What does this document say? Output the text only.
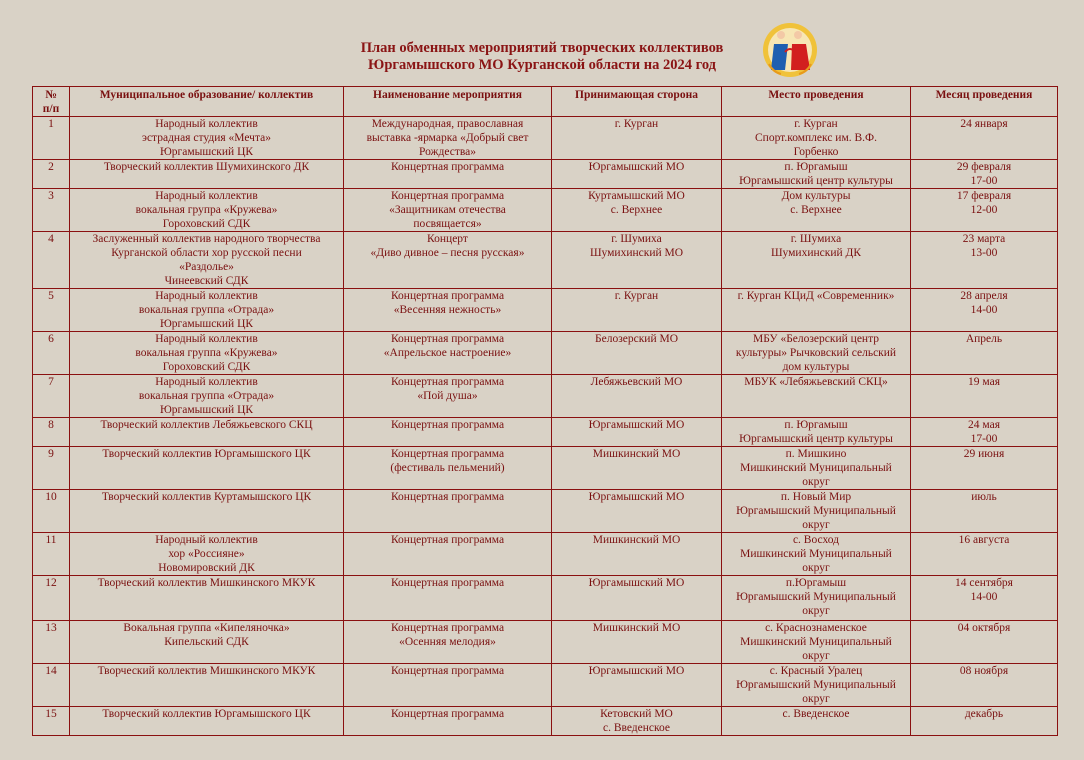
План обменных мероприятий творческих коллективов
Юргамышского МО Курганской области на 2024 год
№
п/п	Муниципальное образование/ коллектив	Наименование мероприятия	Принимающая сторона	Место проведения	Месяц проведения
1	Народный коллектив
эстрадная студия «Мечта»
Юргамышский ЦК	Международная, православная
выставка -ярмарка «Добрый свет
Рождества»	г. Курган	г. Курган
Спорт.комплекс им. В.Ф.
Горбенко	24 января
2	Творческий коллектив Шумихинского ДК	Концертная программа	Юргамышский МО	п. Юргамыш
Юргамышский центр культуры	29 февраля
17-00
3	Народный коллектив
вокальная групра «Кружева»
Гороховский СДК	Концертная программа
«Защитникам отечества
посвящается»	Куртамышский МО
с. Верхнее	Дом культуры
с. Верхнее	17 февраля
12-00
4	Заслуженный коллектив народного творчества
Курганской области хор русской песни
«Раздолье»
Чинеевский СДК	Концерт
«Диво дивное – песня русская»	г. Шумиха
Шумихинский МО	г. Шумиха
Шумихинский ДК	23 марта
13-00
5	Народный коллектив
вокальная группа «Отрада»
Юргамышский ЦК	Концертная программа
«Весенняя нежность»	г. Курган	г. Курган КЦиД «Современник»	28 апреля
14-00
6	Народный коллектив
вокальная группа «Кружева»
Гороховский СДК	Концертная программа
«Апрельское настроение»	Белозерский МО	МБУ «Белозерский центр
культуры» Рычковский сельский
дом культуры	Апрель
7	Народный коллектив
вокальная группа «Отрада»
Юргамышский ЦК	Концертная программа
«Пой душа»	Лебяжьевский МО	МБУК «Лебяжьевский СКЦ»	19 мая
8	Творческий коллектив Лебяжьевского СКЦ	Концертная программа	Юргамышский МО	п. Юргамыш
Юргамышский центр культуры	24 мая
17-00
9	Творческий коллектив Юргамышского ЦК	Концертная программа
(фестиваль пельмений)	Мишкинский МО	п. Мишкино
Мишкинский Муниципальный
округ	29 июня
10	Творческий коллектив Куртамышского ЦК	Концертная программа	Юргамышский МО	п. Новый Мир
Юргамышский Муниципальный
округ	июль
11	Народный коллектив
хор «Россияне»
Новомировский ДК	Концертная программа	Мишкинский МО	с. Восход
Мишкинский Муниципальный
округ	16 августа
12	Творческий коллектив Мишкинского МКУК	Концертная программа	Юргамышский МО	п.Юргамыш
Юргамышский Муниципальный
округ	14 сентября
14-00
13	Вокальная группа «Кипеляночка»
Кипельский СДК	Концертная программа
«Осенняя мелодия»	Мишкинский МО	с. Краснознаменское
Мишкинский Муниципальный
округ	04 октября
14	Творческий коллектив Мишкинского МКУК	Концертная программа	Юргамышский МО	с. Красный Уралец
Юргамышский Муниципальный
округ	08 ноября
15	Творческий коллектив Юргамышского ЦК	Концертная программа	Кетовский МО
с. Введенское	с. Введенское	декабрь
